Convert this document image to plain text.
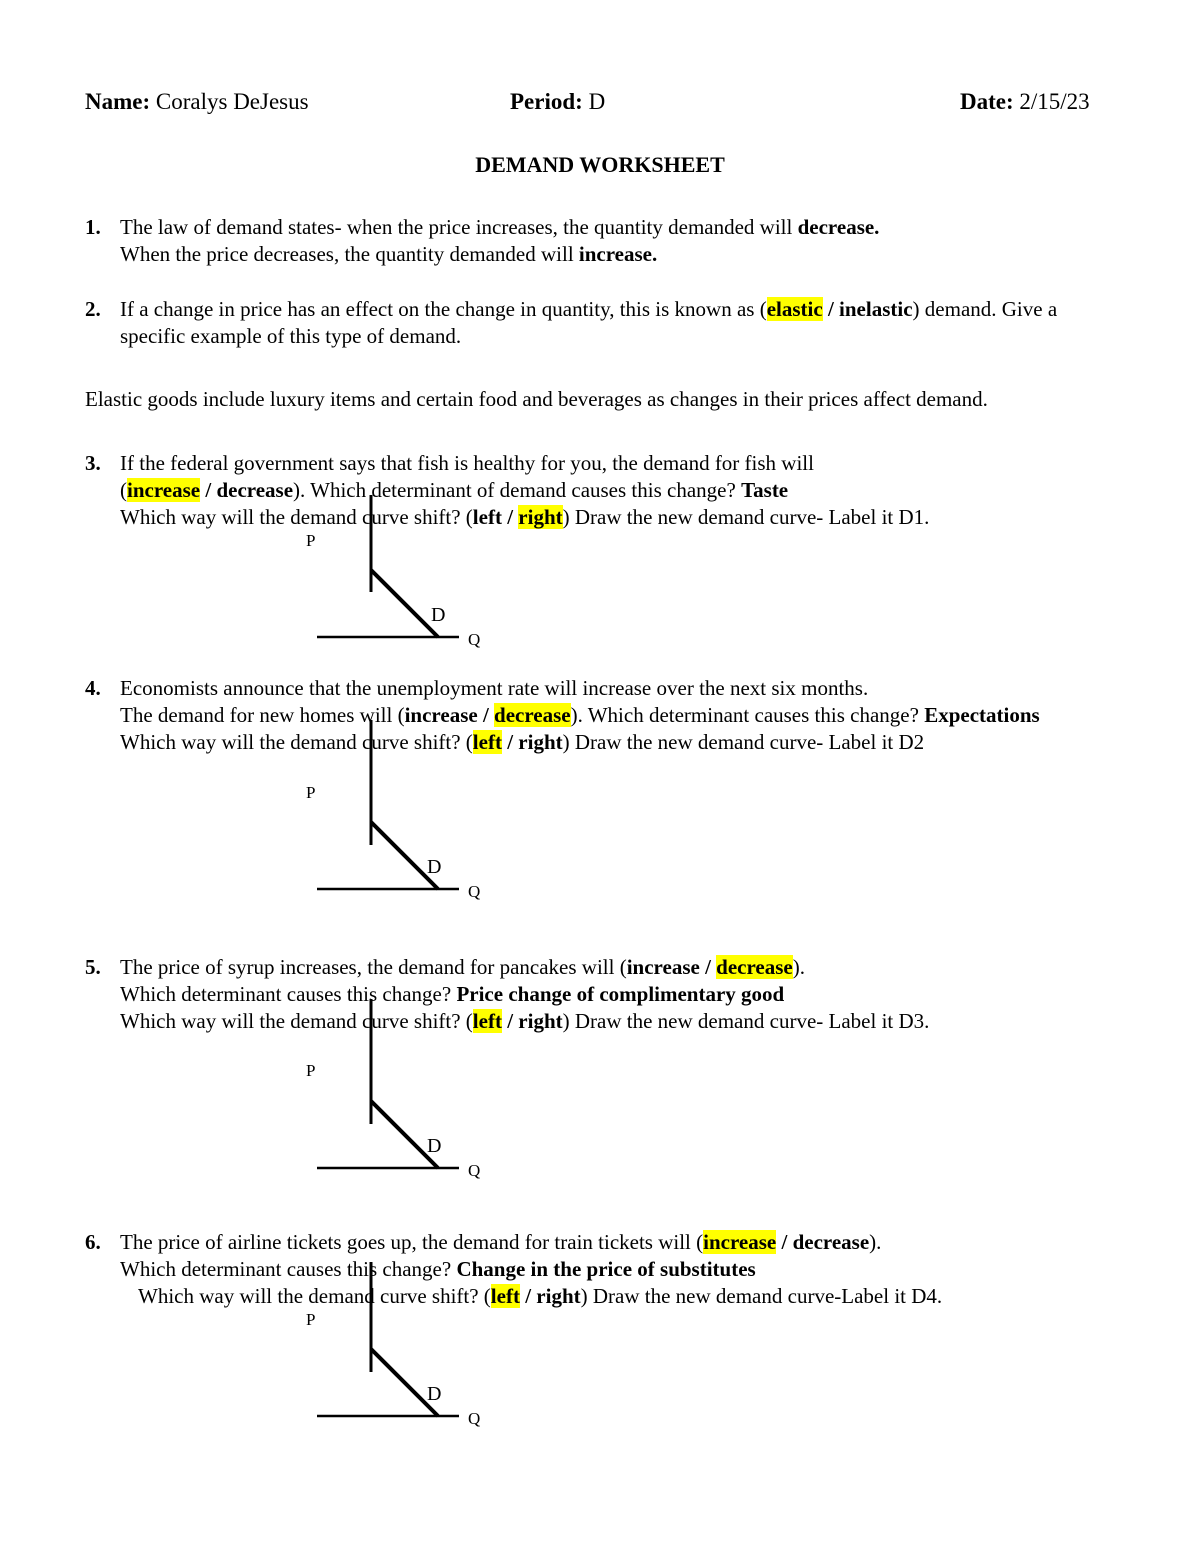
Name: Coralys DeJesus	Period: D	Date: 2/15/23
DEMAND WORKSHEET
1. The law of demand states- when the price increases, the quantity demanded will decrease.
When the price decreases, the quantity demanded will increase.
2. If a change in price has an effect on the change in quantity, this is known as (elastic / inelastic) demand. Give a
specific example of this type of demand.
Elastic goods include luxury items and certain food and beverages as changes in their prices affect demand.
3. If the federal government says that fish is healthy for you, the demand for fish will
(increase / decrease). Which determinant of demand causes this change? Taste
Which way will the demand curve shift? (left / right) Draw the new demand curve- Label it D1.
4. Economists announce that the unemployment rate will increase over the next six months.
The demand for new homes will (increase / decrease). Which determinant causes this change? Expectations
Which way will the demand curve shift? (left / right) Draw the new demand curve- Label it D2
5. The price of syrup increases, the demand for pancakes will (increase / decrease).
Which determinant causes this change? Price change of complimentary good
Which way will the demand curve shift? (left / right) Draw the new demand curve- Label it D3.
6. The price of airline tickets goes up, the demand for train tickets will (increase / decrease).
Which determinant causes this change? Change in the price of substitutes
Which way will the demand curve shift? (left / right) Draw the new demand curve-Label it D4.
P
D
Q
P
D
Q
P
D
Q
P
D
Q
